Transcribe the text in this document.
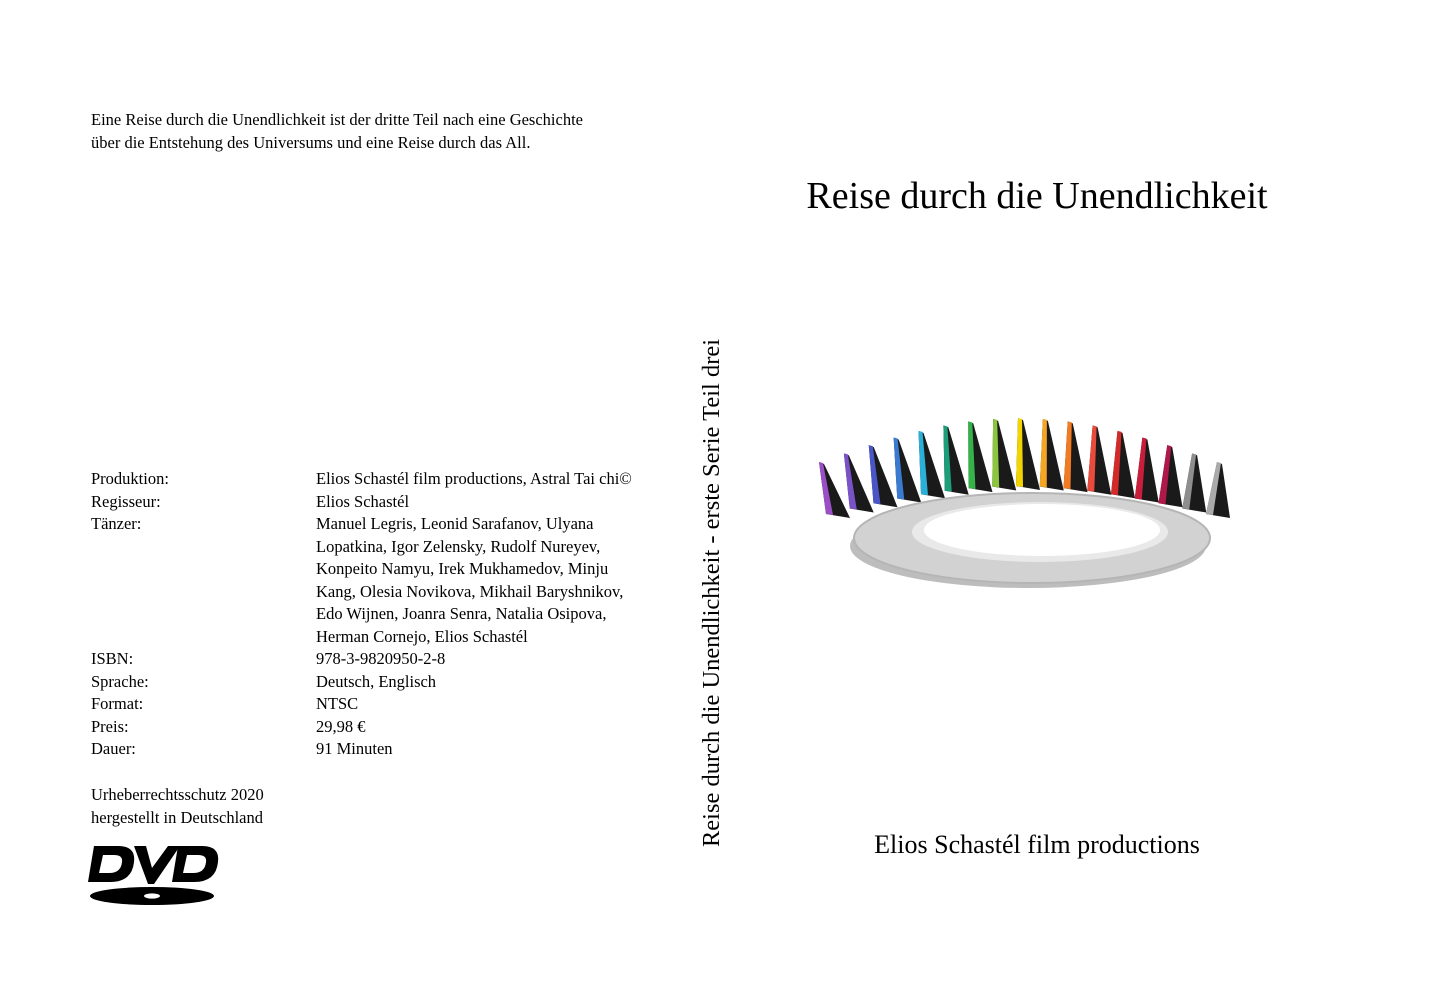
Eine Reise durch die Unendlichkeit ist der dritte Teil nach eine Geschichte
über die Entstehung des Universums und eine Reise durch das All.
Produktion:	Elios Schastél film productions, Astral Tai chi©
Regisseur:	Elios Schastél
Tänzer:	Manuel Legris, Leonid Sarafanov, Ulyana
Lopatkina, Igor Zelensky, Rudolf Nureyev,
Konpeito Namyu, Irek Mukhamedov, Minju
Kang, Olesia Novikova, Mikhail Baryshnikov,
Edo Wijnen, Joanra Senra, Natalia Osipova,
Herman Cornejo, Elios Schastél
ISBN:	978-3-9820950-2-8
Sprache:	Deutsch, Englisch
Format:	NTSC
Preis:	29,98 €
Dauer:	91 Minuten
Urheberrechtsschutz 2020
hergestellt in Deutschland	Reise durch die Unendlichkeit - erste Serie Teil drei
Reise durch die Unendlichkeit
Elios Schastél film productions
